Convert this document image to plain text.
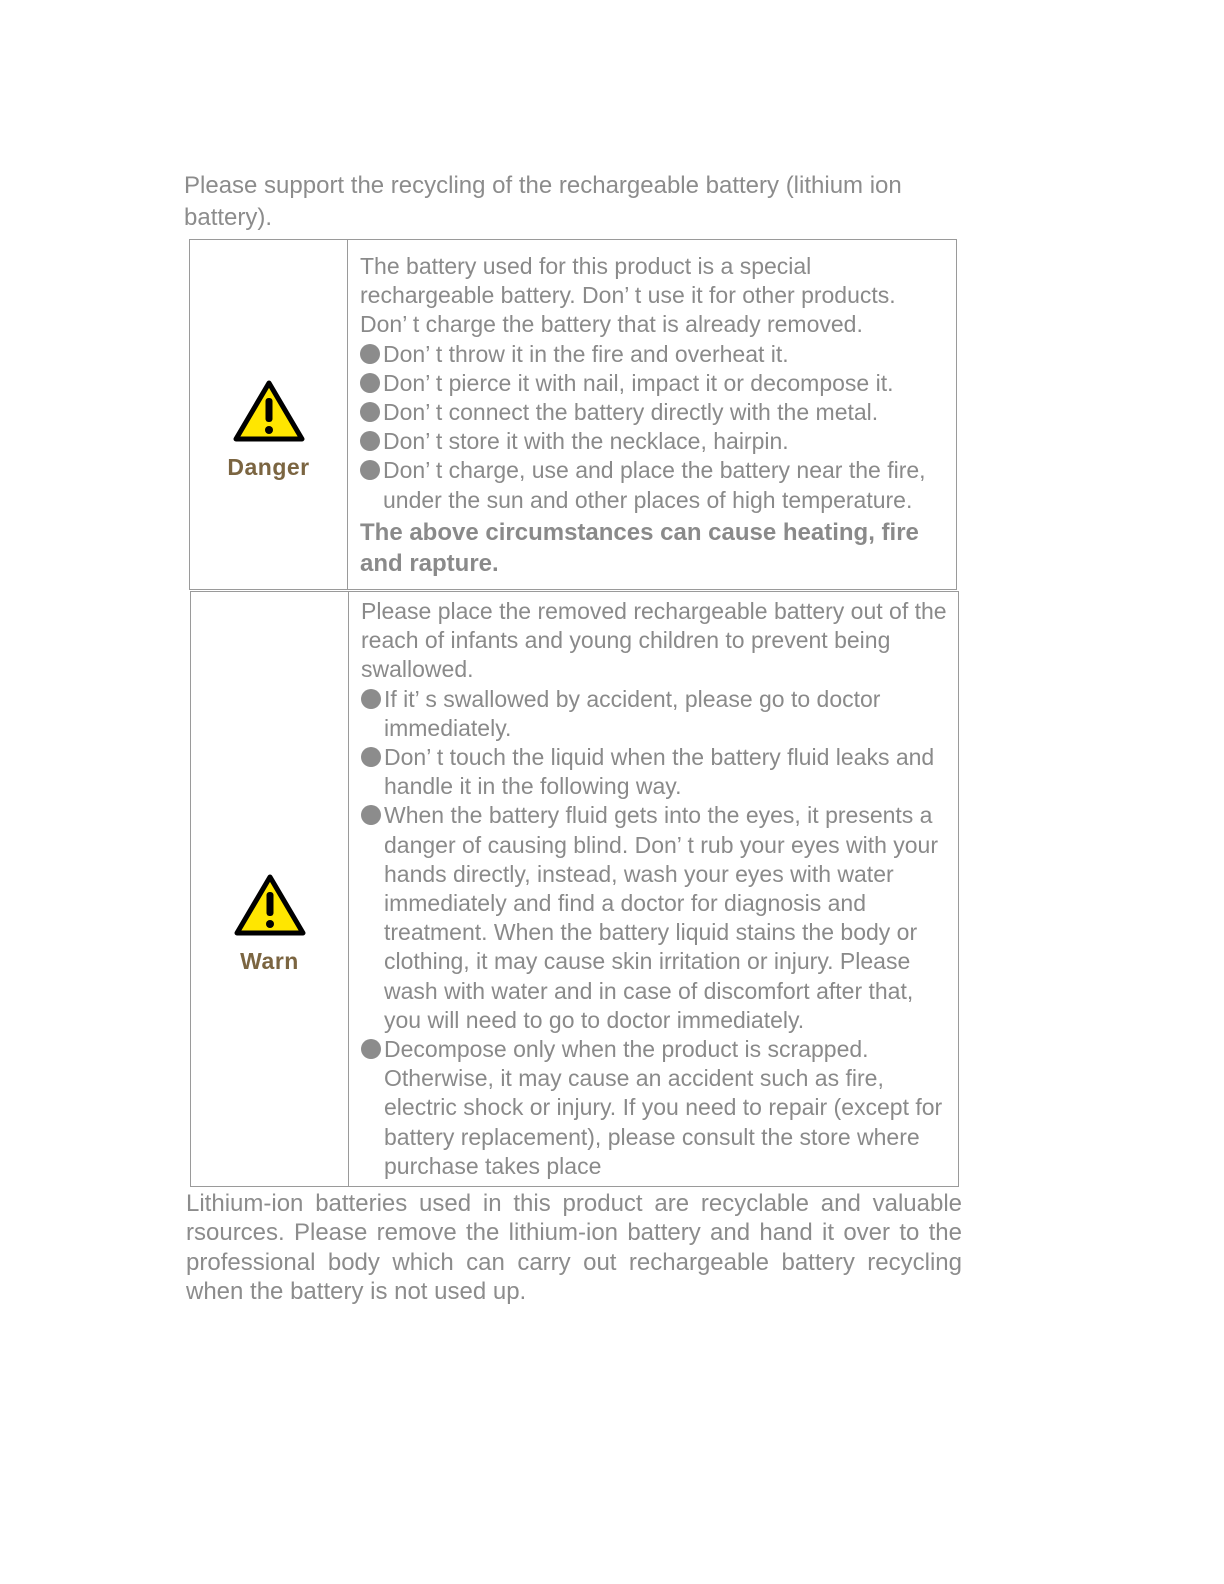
Please support the recycling of the rechargeable battery (lithium ion battery).
Danger

The battery used for this product is a special rechargeable battery. Don’ t use it for other products. Don’ t charge the battery that is already removed.

Don’ t throw it in the fire and overheat it.
Don’ t pierce it with nail, impact it or decompose it.
Don’ t connect the battery directly with the metal.
Don’ t store it with the necklace, hairpin.
Don’ t charge, use and place the battery near the fire, under the sun and other places of high temperature.
The above circumstances can cause heating, fire and rapture.
Warn

Please place the removed rechargeable battery out of the reach of infants and young children to prevent being swallowed.

If it’ s swallowed by accident, please go to doctor immediately.
Don’ t touch the liquid when the battery fluid leaks and handle it in the following way.
When the battery fluid gets into the eyes, it presents a danger of causing blind. Don’ t rub your eyes with your hands directly, instead, wash your eyes with water immediately and find a doctor for diagnosis and treatment. When the battery liquid stains the body or clothing, it may cause skin irritation or injury. Please wash with water and in case of discomfort after that, you will need to go to doctor immediately.
Decompose only when the product is scrapped. Otherwise, it may cause an accident such as fire, electric shock or injury. If you need to repair (except for battery replacement), please consult the store where purchase takes place
Lithium-ion batteries used in this product are recyclable and valuable rsources. Please remove the lithium-ion battery and hand it over to the professional body which can carry out rechargeable battery recycling when the battery is not used up.
